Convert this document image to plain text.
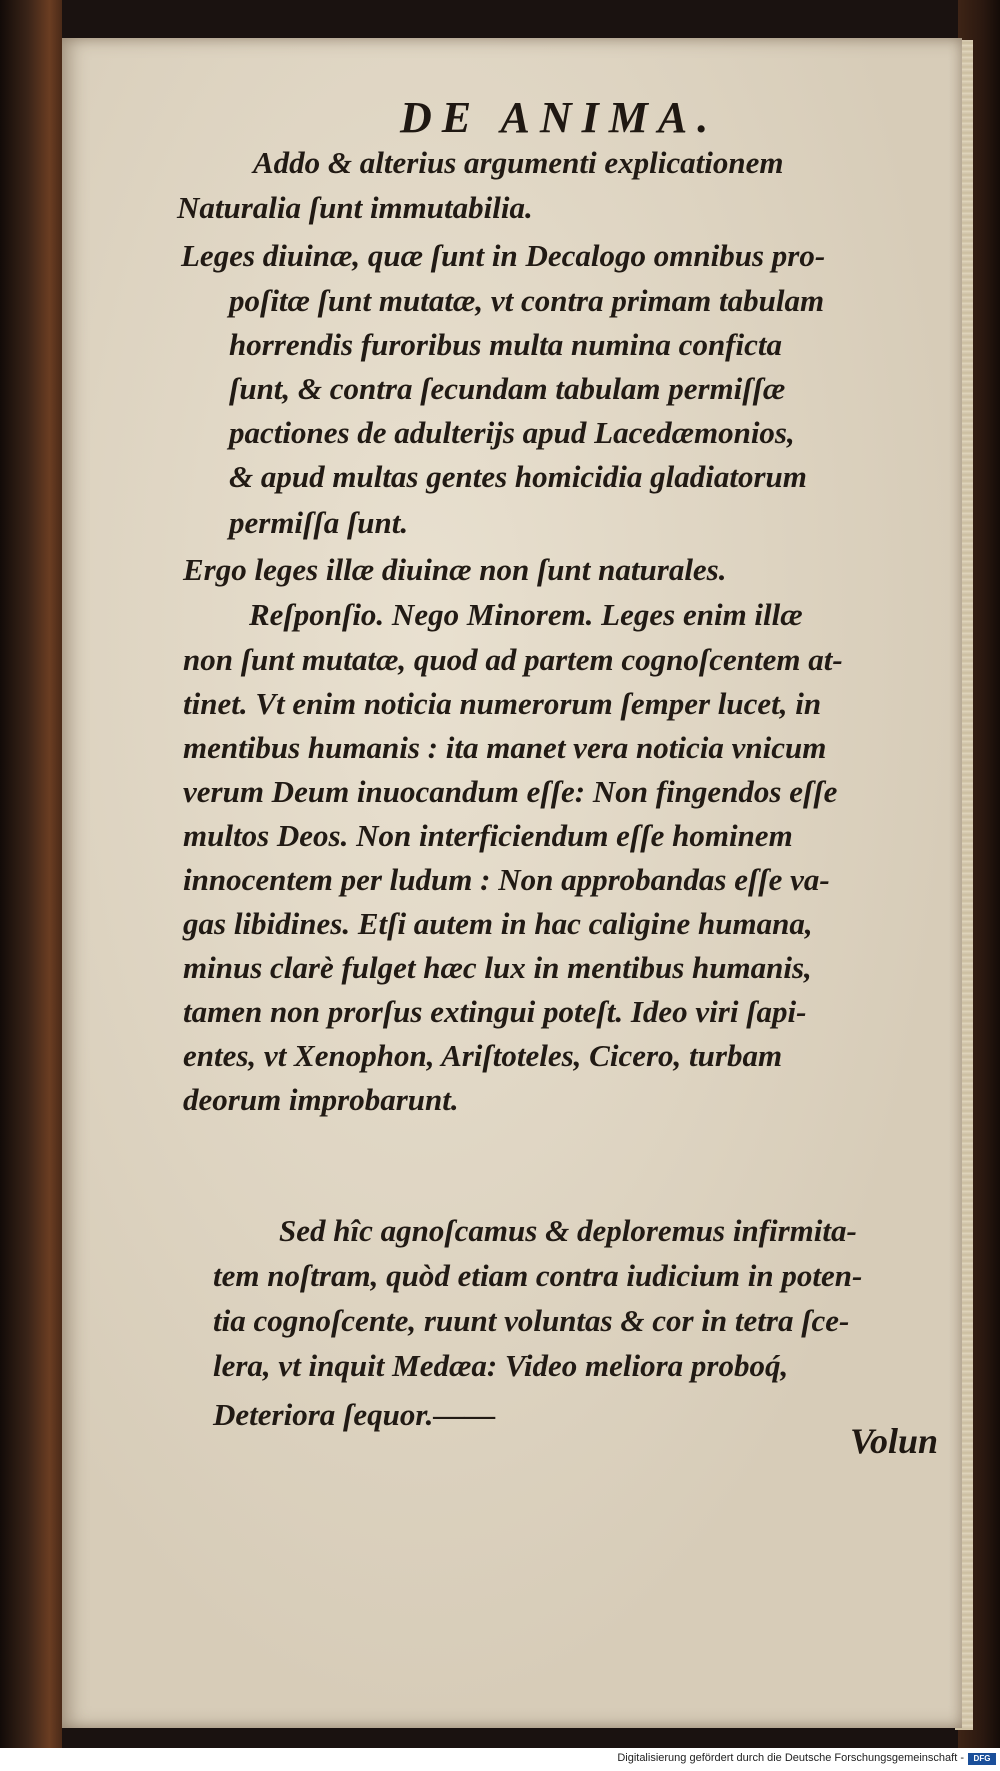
DE ANIMA.
Addo & alterius argumenti explicationem
Naturalia ſunt immutabilia.
Leges diuinæ, quæ ſunt in Decalogo omnibus pro-
poſitæ ſunt mutatæ, vt contra primam tabulam
horrendis furoribus multa numina conficta
ſunt, & contra ſecundam tabulam permiſſæ
pactiones de adulterijs apud Lacedæmonios,
& apud multas gentes homicidia gladiatorum
permiſſa ſunt.
Ergo leges illæ diuinæ non ſunt naturales.
Reſponſio. Nego Minorem. Leges enim illæ
non ſunt mutatæ, quod ad partem cognoſcentem at-
tinet. Vt enim noticia numerorum ſemper lucet, in
mentibus humanis : ita manet vera noticia vnicum
verum Deum inuocandum eſſe: Non fingendos eſſe
multos Deos. Non interficiendum eſſe hominem
innocentem per ludum : Non approbandas eſſe va-
gas libidines. Etſi autem in hac caligine humana,
minus clarè fulget hæc lux in mentibus humanis,
tamen non prorſus extingui poteſt. Ideo viri ſapi-
entes, vt Xenophon, Ariſtoteles, Cicero, turbam
deorum improbarunt.
Sed hîc agnoſcamus & deploremus infirmita-
tem noſtram, quòd etiam contra iudicium in poten-
tia cognoſcente, ruunt voluntas & cor in tetra ſce-
lera, vt inquit Medæa: Video meliora proboq́,
Deteriora ſequor.——
Volun
Digitalisierung gefördert durch die Deutsche Forschungsgemeinschaft -	DFG
